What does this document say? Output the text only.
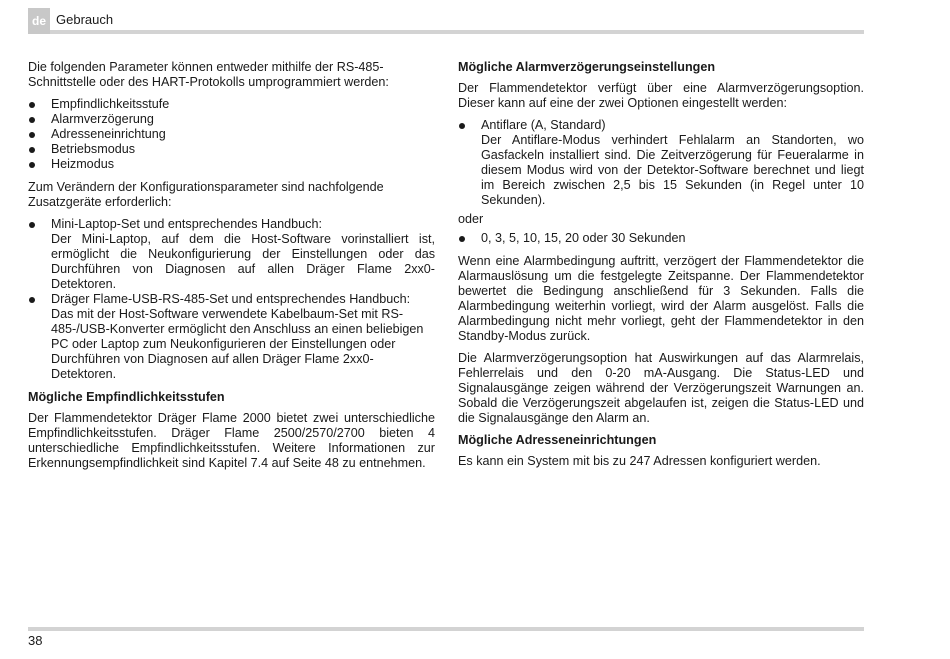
de Gebrauch

Die folgenden Parameter können entweder mithilfe der RS-485-Schnittstelle oder des HART-Protokolls umprogrammiert werden:

Empfindlichkeitsstufe
Alarmverzögerung
Adresseneinrichtung
Betriebsmodus
Heizmodus

Zum Verändern der Konfigurationsparameter sind nachfolgende Zusatzgeräte erforderlich:

Mini-Laptop-Set und entsprechendes Handbuch:
Der Mini-Laptop, auf dem die Host-Software vorinstalliert ist, ermöglicht die Neukonfigurierung der Einstellungen oder das Durchführen von Diagnosen auf allen Dräger Flame 2xx0-Detektoren.
Dräger Flame-USB-RS-485-Set und entsprechendes Handbuch:
Das mit der Host-Software verwendete Kabelbaum-Set mit RS-485-/USB-Konverter ermöglicht den Anschluss an einen beliebigen PC oder Laptop zum Neukonfigurieren der Einstellungen oder Durchführen von Diagnosen auf allen Dräger Flame 2xx0-Detektoren.
Mögliche Empfindlichkeitsstufen

Der Flammendetektor Dräger Flame 2000 bietet zwei unterschiedliche Empfindlichkeitsstufen. Dräger Flame 2500/2570/2700 bieten 4 unterschiedliche Empfindlichkeitsstufen. Weitere Informationen zur Erkennungsempfindlichkeit sind Kapitel 7.4 auf Seite 48 zu entnehmen.

Mögliche Alarmverzögerungseinstellungen

Der Flammendetektor verfügt über eine Alarmverzögerungsoption. Dieser kann auf eine der zwei Optionen eingestellt werden:

Antiflare (A, Standard)
Der Antiflare-Modus verhindert Fehlalarm an Standorten, wo Gasfackeln installiert sind. Die Zeitverzögerung für Feueralarme in diesem Modus wird von der Detektor-Software berechnet und liegt im Bereich zwischen 2,5 bis 15 Sekunden (in Regel unter 10 Sekunden).

oder

0, 3, 5, 10, 15, 20 oder 30 Sekunden

Wenn eine Alarmbedingung auftritt, verzögert der Flammendetektor die Alarmauslösung um die festgelegte Zeitspanne. Der Flammendetektor bewertet die Bedingung anschließend für 3 Sekunden. Falls die Alarmbedingung weiterhin vorliegt, wird der Alarm ausgelöst. Falls die Alarmbedingung nicht mehr vorliegt, geht der Flammendetektor in den Standby-Modus zurück.

Die Alarmverzögerungsoption hat Auswirkungen auf das Alarmrelais, Fehlerrelais und den 0-20 mA-Ausgang. Die Status-LED und Signalausgänge zeigen während der Verzögerungszeit Warnungen an. Sobald die Verzögerungszeit abgelaufen ist, zeigen die Status-LED und die Signalausgänge den Alarm an.

Mögliche Adresseneinrichtungen

Es kann ein System mit bis zu 247 Adressen konfiguriert werden.

38
